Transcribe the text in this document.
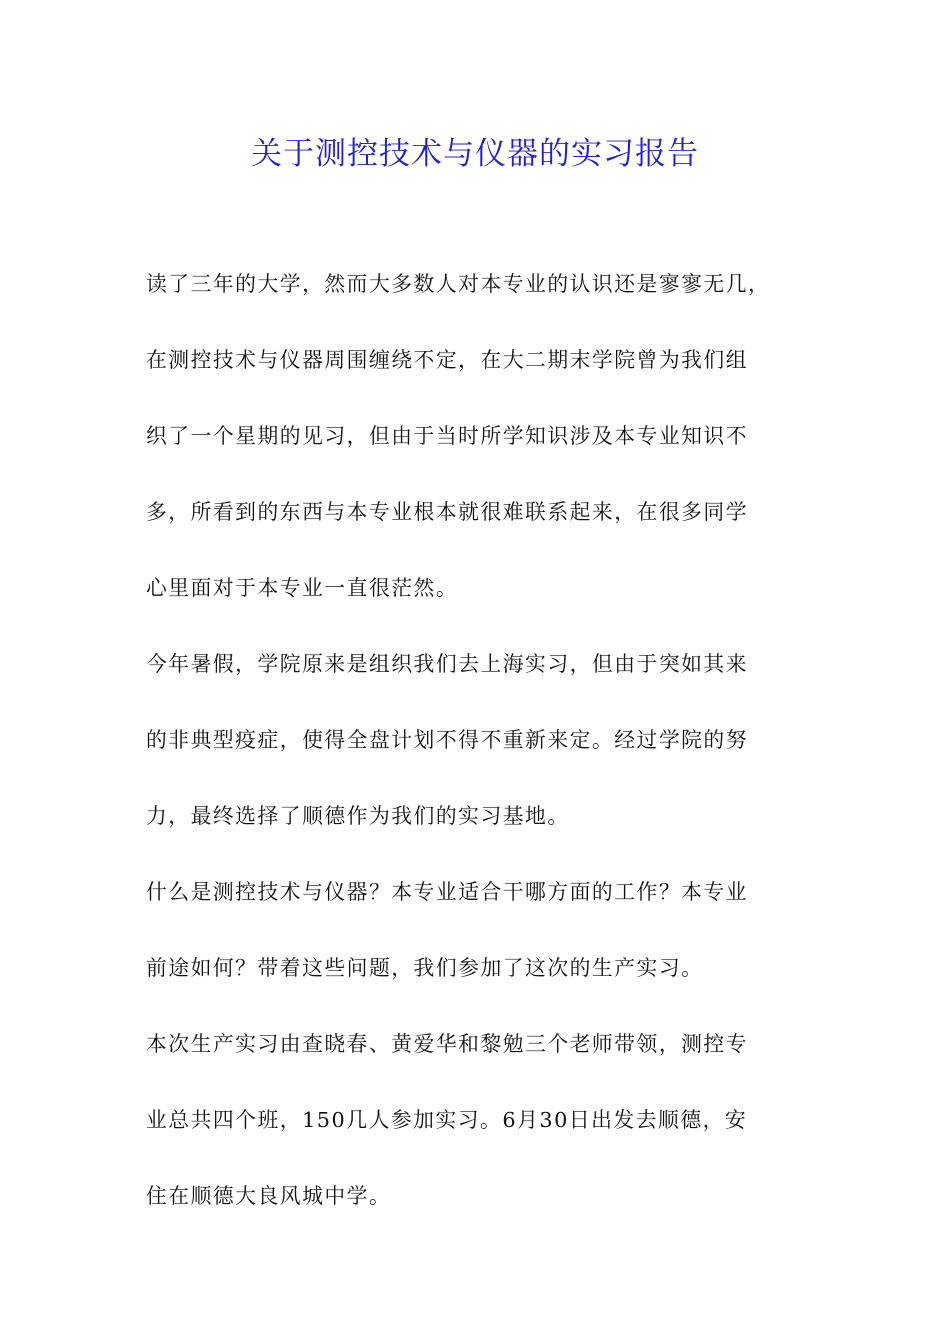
关于测控技术与仪器的实习报告
读了三年的大学，然而大多数人对本专业的认识还是寥寥无几，
在测控技术与仪器周围缠绕不定，在大二期末学院曾为我们组
织了一个星期的见习，但由于当时所学知识涉及本专业知识不
多，所看到的东西与本专业根本就很难联系起来，在很多同学
心里面对于本专业一直很茫然。
今年暑假，学院原来是组织我们去上海实习，但由于突如其来
的非典型疫症，使得全盘计划不得不重新来定。经过学院的努
力，最终选择了顺德作为我们的实习基地。
什么是测控技术与仪器？本专业适合干哪方面的工作？本专业
前途如何？带着这些问题，我们参加了这次的生产实习。
本次生产实习由查晓春、黄爱华和黎勉三个老师带领，测控专
业总共四个班，150几人参加实习。6月30日出发去顺德，安
住在顺德大良风城中学。
